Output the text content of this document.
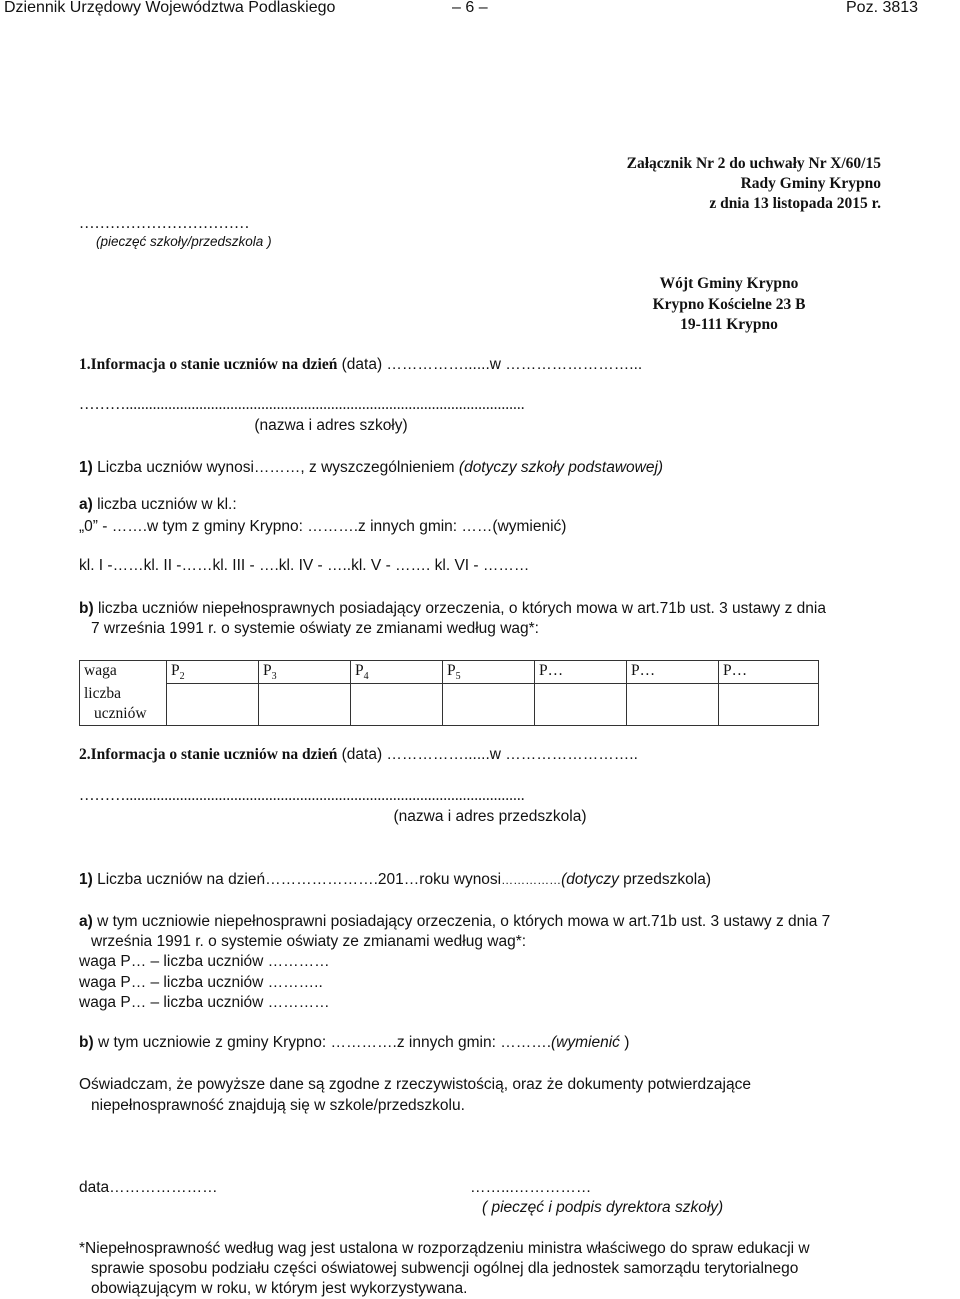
Dziennik Urzędowy Województwa Podlaskiego	– 6 –	Poz. 3813
Załącznik Nr 2 do uchwały Nr X/60/15
Rady Gminy Krypno
z dnia 13 listopada 2015 r.
……………………………
(pieczęć szkoły/przedszkola )
Wójt Gminy Krypno
Krypno Kościelne 23 B
19-111 Krypno
1.Informacja o stanie uczniów na dzień (data) ……………......w ……………………...
……….......................................................................................................
(nazwa i adres szkoły)
1) Liczba uczniów wynosi………, z wyszczególnieniem (dotyczy szkoły podstawowej)
a) liczba uczniów w kl.:
„0” - …….w tym z gminy Krypno: ……….z innych gmin: ……(wymienić)
kl. I -……kl. II -……kl. III - ….kl. IV - …..kl. V - ……. kl. VI - ………
b) liczba uczniów niepełnosprawnych posiadający orzeczenia, o których mowa w art.71b ust. 3 ustawy z dnia
7 września 1991 r. o systemie oświaty ze zmianami według wag*:
waga	$P_2$	$P_3$	$P_4$	$P_5$	P…	P…	P…

liczba
uczniów							

2.Informacja o stanie uczniów na dzień (data) ……………......w ……………………..
……….......................................................................................................
(nazwa i adres przedszkola)
1) Liczba uczniów na dzień………………….201…roku wynosi……………(dotyczy przedszkola)
a) w tym uczniowie niepełnosprawni posiadający orzeczenia, o których mowa w art.71b ust. 3 ustawy z dnia 7
września 1991 r. o systemie oświaty ze zmianami według wag*:
waga P… – liczba uczniów …………
waga P… – liczba uczniów ………..
waga P… – liczba uczniów …………
b) w tym uczniowie z gminy Krypno: ………….z innych gmin: ……….(wymienić )
Oświadczam, że powyższe dane są zgodne z rzeczywistością, oraz że dokumenty potwierdzające
niepełnosprawność znajdują się w szkole/przedszkolu.
data…………………	……...……………
( pieczęć i podpis dyrektora szkoły)
*Niepełnosprawność według wag jest ustalona w rozporządzeniu ministra właściwego do spraw edukacji w
sprawie sposobu podziału części oświatowej subwencji ogólnej dla jednostek samorządu terytorialnego
obowiązującym w roku, w którym jest wykorzystywana.
